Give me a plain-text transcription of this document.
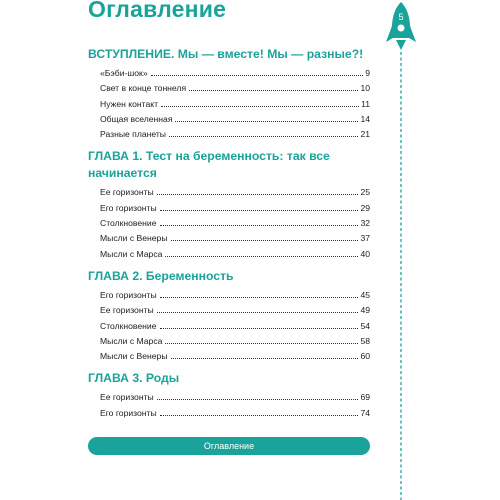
Оглавление	5
ВСТУПЛЕНИЕ. Мы — вместе! Мы — разные?!
«Бэби-шок»	9
Свет в конце тоннеля	10
Нужен контакт	11
Общая вселенная	14
Разные планеты	21
ГЛАВА 1. Тест на беременность: так все
начинается
Ее горизонты	25
Его горизонты	29
Столкновение	32
Мысли с Венеры	37
Мысли с Марса	40
ГЛАВА 2. Беременность
Его горизонты	45
Ее горизонты	49
Столкновение	54
Мысли с Марса	58
Мысли с Венеры	60
ГЛАВА 3. Роды
Ее горизонты	69
Его горизонты	74
Оглавление
